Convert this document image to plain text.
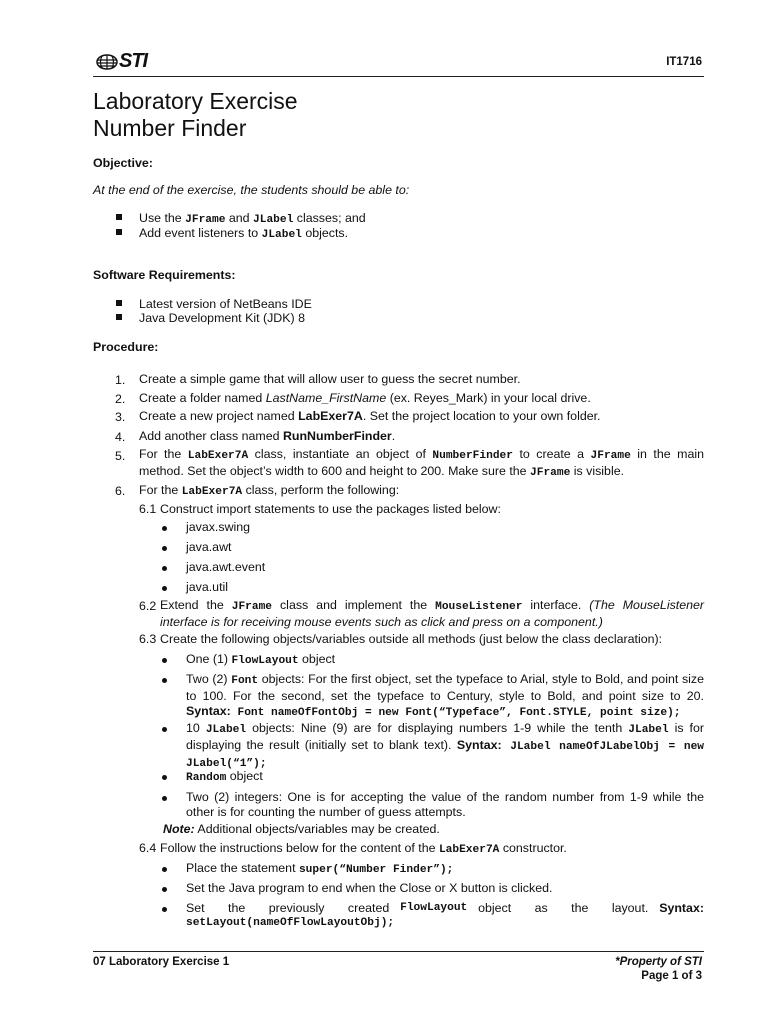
STI	IT1716
Laboratory Exercise
Number Finder
Objective:
At the end of the exercise, the students should be able to:
Use the JFrame and JLabel classes; and
Add event listeners to JLabel objects.
Software Requirements:
Latest version of NetBeans IDE
Java Development Kit (JDK) 8
Procedure:
1. Create a simple game that will allow user to guess the secret number.
2. Create a folder named LastName_FirstName (ex. Reyes_Mark) in your local drive.
3. Create a new project named LabExer7A. Set the project location to your own folder.
4. Add another class named RunNumberFinder.
5. For the LabExer7A class, instantiate an object of NumberFinder to create a JFrame in the main method. Set the object’s width to 600 and height to 200. Make sure the JFrame is visible.
6. For the LabExer7A class, perform the following:
6.1 Construct import statements to use the packages listed below:
javax.swing
java.awt
java.awt.event
java.util
6.2 Extend the JFrame class and implement the MouseListener interface. (The MouseListener interface is for receiving mouse events such as click and press on a component.)
6.3 Create the following objects/variables outside all methods (just below the class declaration):
One (1) FlowLayout object
Two (2) Font objects: For the first object, set the typeface to Arial, style to Bold, and point size to 100. For the second, set the typeface to Century, style to Bold, and point size to 20. Syntax: Font nameOfFontObj = new Font(“Typeface”, Font.STYLE, point size);
10 JLabel objects: Nine (9) are for displaying numbers 1-9 while the tenth JLabel is for displaying the result (initially set to blank text). Syntax: JLabel nameOfJLabelObj = new JLabel(“1”);
Random object
Two (2) integers: One is for accepting the value of the random number from 1-9 while the other is for counting the number of guess attempts.
Note: Additional objects/variables may be created.
6.4 Follow the instructions below for the content of the LabExer7A constructor.
Place the statement super(“Number Finder”);
Set the Java program to end when the Close or X button is clicked.
Set the previously created FlowLayout object as the layout. Syntax:
setLayout(nameOfFlowLayoutObj);
07 Laboratory Exercise 1	*Property of STI
Page 1 of 3
